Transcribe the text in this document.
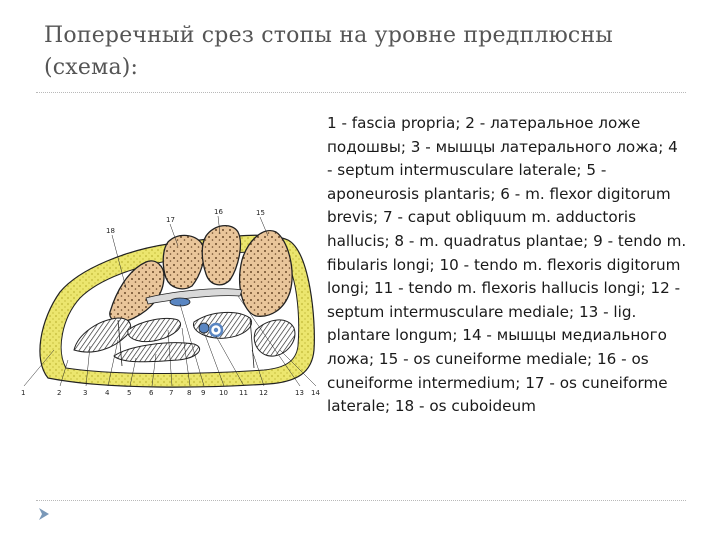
Поперечный срез стопы на уровне предплюсны (схема):
18
17
16	15
1	2	3	4	5	6 7 8 9 10 11 12	13 14
1 - fascia propria; 2 - латеральное ложе подошвы; 3 - мышцы латерального ложа; 4 - septum intermusculare laterale; 5 - aponeurosis plantaris; 6 - m. flexor digitorum brevis; 7 - caput obliquum m. adductoris hallucis; 8 - m. quadratus plantae; 9 - tendo m. fibularis longi; 10 - tendo m. flexoris digitorum longi; 11 - tendo m. flexoris hallucis longi; 12 - septum intermusculare mediale; 13 - lig. plantare longum; 14 - мышцы медиального ложа; 15 - os cuneiforme mediale; 16 - os cuneiforme intermedium; 17 - os cuneiforme laterale; 18 - os cuboideum
